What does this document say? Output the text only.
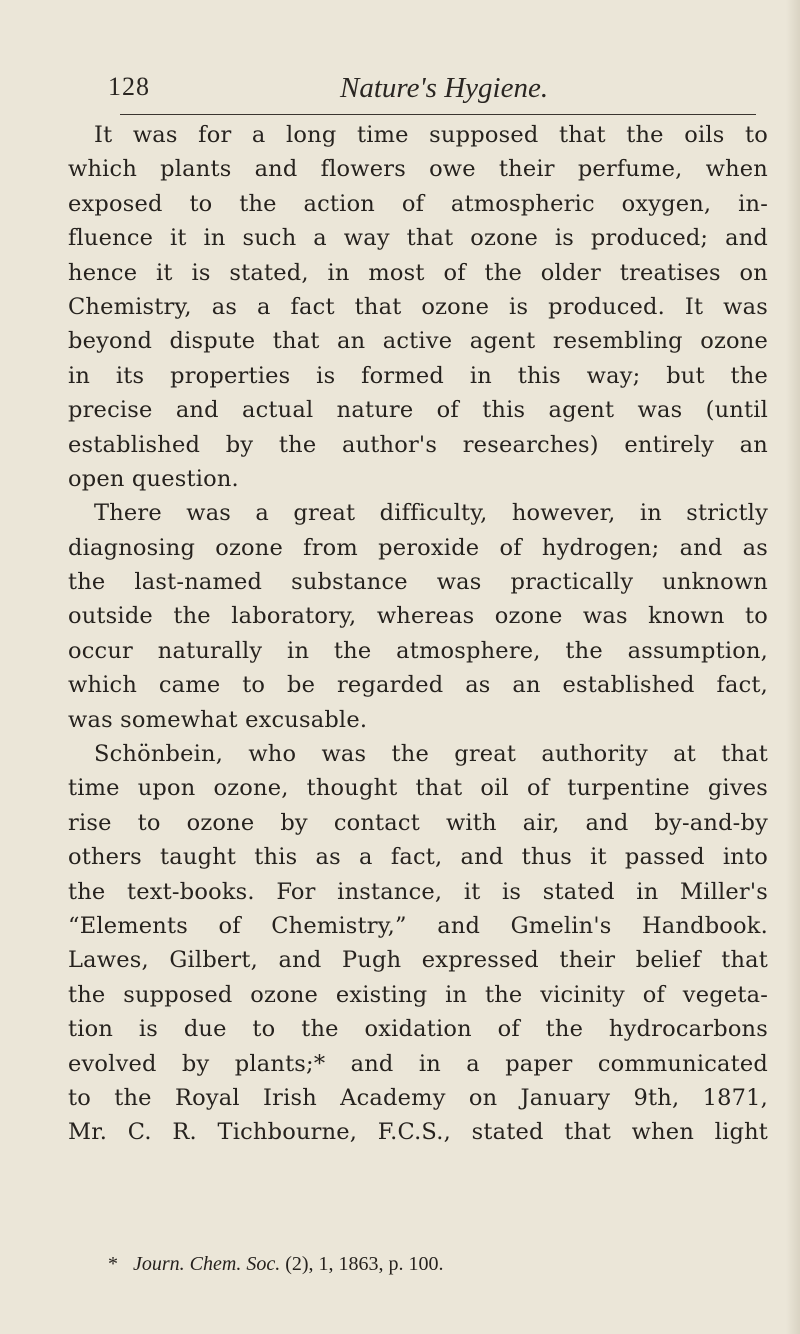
128	Nature's Hygiene.
It was for a long time supposed that the oils to
which plants and flowers owe their perfume, when
exposed to the action of atmospheric oxygen, in-
fluence it in such a way that ozone is produced; and
hence it is stated, in most of the older treatises on
Chemistry, as a fact that ozone is produced. It was
beyond dispute that an active agent resembling ozone
in its properties is formed in this way; but the
precise and actual nature of this agent was (until
established by the author's researches) entirely an
open question.
There was a great difficulty, however, in strictly
diagnosing ozone from peroxide of hydrogen; and as
the last-named substance was practically unknown
outside the laboratory, whereas ozone was known to
occur naturally in the atmosphere, the assumption,
which came to be regarded as an established fact,
was somewhat excusable.
Schönbein, who was the great authority at that
time upon ozone, thought that oil of turpentine gives
rise to ozone by contact with air, and by-and-by
others taught this as a fact, and thus it passed into
the text-books. For instance, it is stated in Miller's
“Elements of Chemistry,” and Gmelin's Handbook.
Lawes, Gilbert, and Pugh expressed their belief that
the supposed ozone existing in the vicinity of vegeta-
tion is due to the oxidation of the hydrocarbons
evolved by plants;* and in a paper communicated
to the Royal Irish Academy on January 9th, 1871,
Mr. C. R. Tichbourne, F.C.S., stated that when light
* Journ. Chem. Soc. (2), 1, 1863, p. 100.
